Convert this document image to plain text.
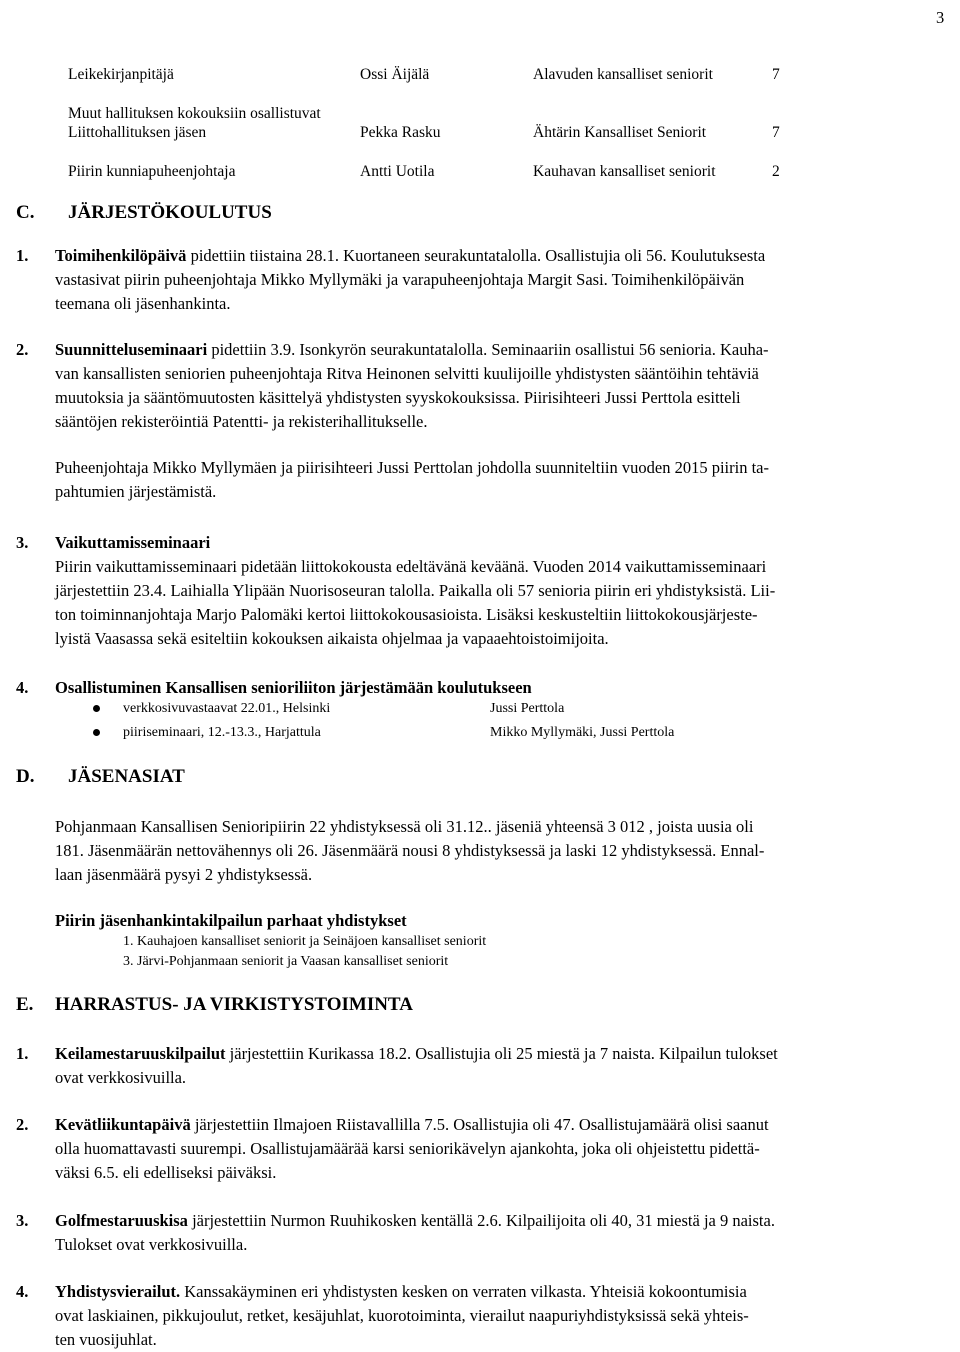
3
Leikekirjanpitäjä	Ossi Äijälä	Alavuden kansalliset seniorit	7
Muut hallituksen kokouksiin osallistuvat
Liittohallituksen jäsen	Pekka Rasku	Ähtärin Kansalliset Seniorit	7
Piirin kunniapuheenjohtaja	Antti Uotila	Kauhavan kansalliset seniorit	2
C. JÄRJESTÖKOULUTUS
1. Toimihenkilöpäivä pidettiin tiistaina 28.1. Kuortaneen seurakuntatalolla. Osallistujia oli 56. Koulutuksesta
vastasivat piirin puheenjohtaja Mikko Myllymäki ja varapuheenjohtaja Margit Sasi. Toimihenkilöpäivän
teemana oli jäsenhankinta.
2. Suunnitteluseminaari pidettiin 3.9. Isonkyrön seurakuntatalolla. Seminaariin osallistui 56 senioria. Kauha-
van kansallisten seniorien puheenjohtaja Ritva Heinonen selvitti kuulijoille yhdistysten sääntöihin tehtäviä
muutoksia ja sääntömuutosten käsittelyä yhdistysten syyskokouksissa. Piirisihteeri Jussi Perttola esitteli
sääntöjen rekisteröintiä Patentti- ja rekisterihallitukselle.
Puheenjohtaja Mikko Myllymäen ja piirisihteeri Jussi Perttolan johdolla suunniteltiin vuoden 2015 piirin ta-
pahtumien järjestämistä.
3. Vaikuttamisseminaari
Piirin vaikuttamisseminaari pidetään liittokokousta edeltävänä keväänä. Vuoden 2014 vaikuttamisseminaari
järjestettiin 23.4. Laihialla Ylipään Nuorisoseuran talolla. Paikalla oli 57 senioria piirin eri yhdistyksistä. Lii-
ton toiminnanjohtaja Marjo Palomäki kertoi liittokokousasioista. Lisäksi keskusteltiin liittokokousjärjeste-
lyistä Vaasassa sekä esiteltiin kokouksen aikaista ohjelmaa ja vapaaehtoistoimijoita.
4. Osallistuminen Kansallisen senioriliiton järjestämään koulutukseen
verkkosivuvastaavat 22.01., Helsinki	Jussi Perttola
piiriseminaari, 12.-13.3., Harjattula	Mikko Myllymäki, Jussi Perttola
D. JÄSENASIAT
Pohjanmaan Kansallisen Senioripiirin 22 yhdistyksessä oli 31.12.. jäseniä yhteensä 3 012 , joista uusia oli
181. Jäsenmäärän nettovähennys oli 26. Jäsenmäärä nousi 8 yhdistyksessä ja laski 12 yhdistyksessä. Ennal-
laan jäsenmäärä pysyi 2 yhdistyksessä.
Piirin jäsenhankintakilpailun parhaat yhdistykset
1. Kauhajoen kansalliset seniorit ja Seinäjoen kansalliset seniorit
3. Järvi-Pohjanmaan seniorit ja Vaasan kansalliset seniorit
E. HARRASTUS- JA VIRKISTYSTOIMINTA
1. Keilamestaruuskilpailut järjestettiin Kurikassa 18.2. Osallistujia oli 25 miestä ja 7 naista. Kilpailun tulokset
ovat verkkosivuilla.
2. Kevätliikuntapäivä järjestettiin Ilmajoen Riistavallilla 7.5. Osallistujia oli 47. Osallistujamäärä olisi saanut
olla huomattavasti suurempi. Osallistujamäärää karsi seniorikävelyn ajankohta, joka oli ohjeistettu pidettä-
väksi 6.5. eli edelliseksi päiväksi.
3. Golfmestaruuskisa järjestettiin Nurmon Ruuhikosken kentällä 2.6. Kilpailijoita oli 40, 31 miestä ja 9 naista.
Tulokset ovat verkkosivuilla.
4. Yhdistysvierailut. Kanssakäyminen eri yhdistysten kesken on verraten vilkasta. Yhteisiä kokoontumisia
ovat laskiainen, pikkujoulut, retket, kesäjuhlat, kuorotoiminta, vierailut naapuriyhdistyksissä sekä yhteis-
ten vuosijuhlat.
